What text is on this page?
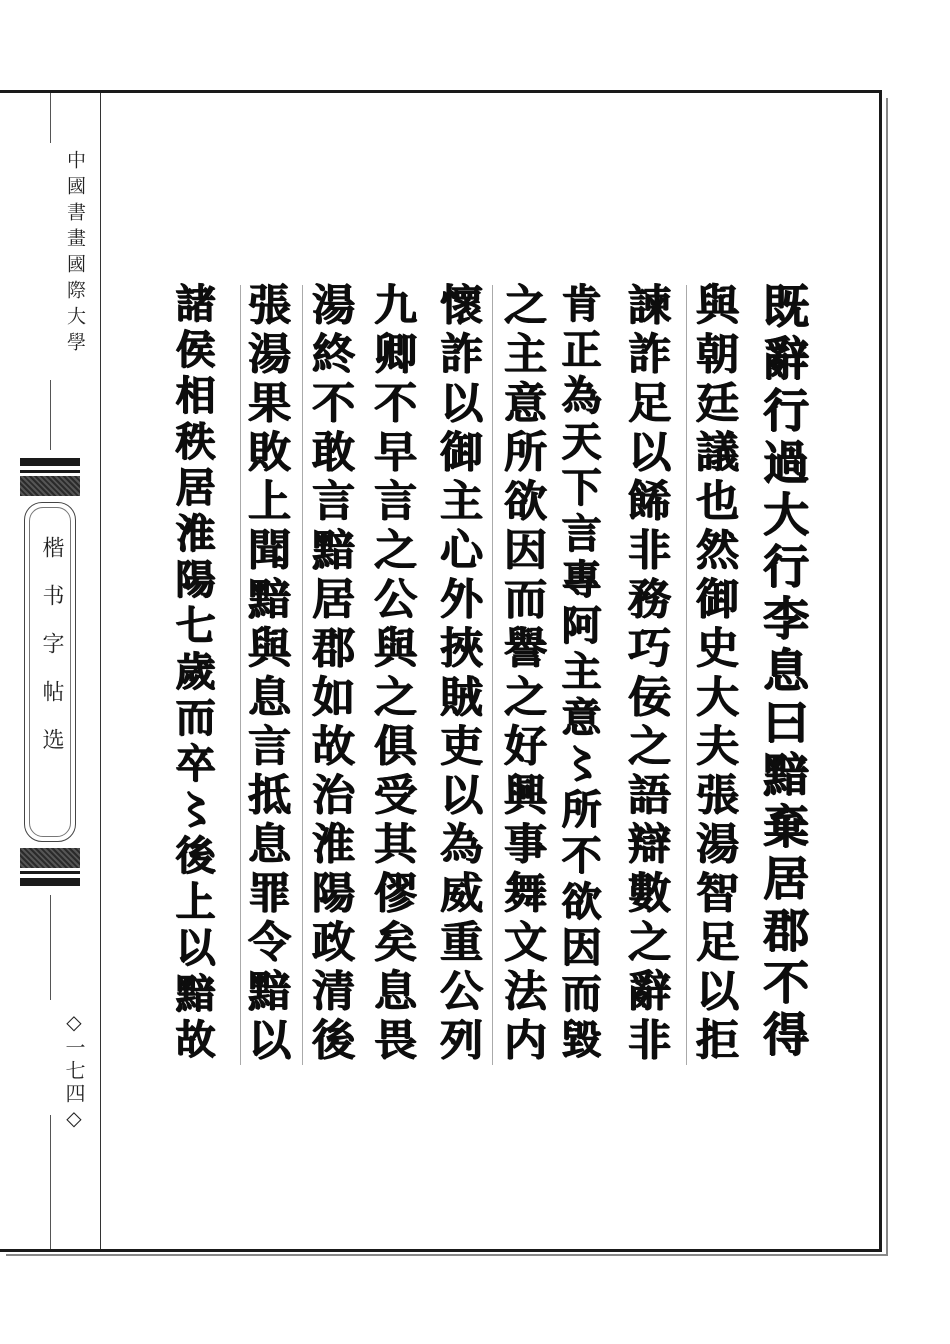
中國書畫國際大學
楷书字帖选
◇一七四◇
既辭行過大行李息曰黯棄居郡不得
與朝廷議也然御史大夫張湯智足以拒
諫詐足以餙非務巧佞之語辯數之辭非
肯正為天下言專阿主意〻所不欲因而毀
之主意所欲因而譽之好興事舞文法内
懷詐以御主心外挾賊吏以為威重公列
九卿不早言之公與之俱受其僇矣息畏
湯終不敢言黯居郡如故治淮陽政清後
張湯果敗上聞黯與息言抵息罪令黯以
諸侯相秩居淮陽七歲而卒〻後上以黯故
